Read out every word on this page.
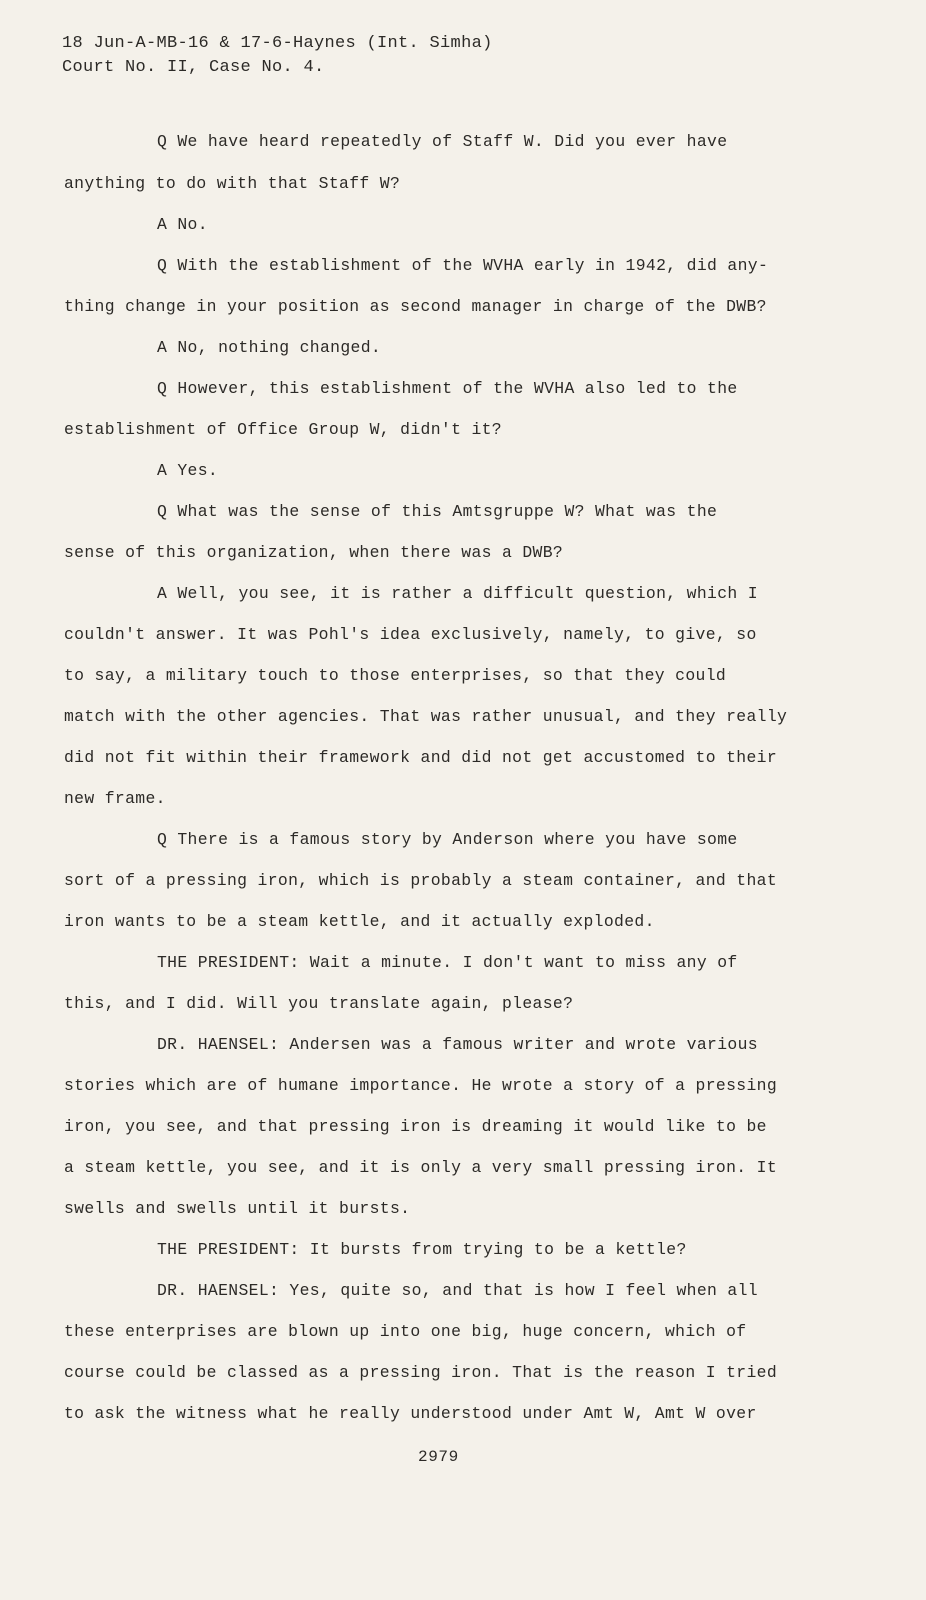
18 Jun-A-MB-16 & 17-6-Haynes (Int. Simha)
Court No. II, Case No. 4.
Q We have heard repeatedly of Staff W. Did you ever have
anything to do with that Staff W?
A No.
Q With the establishment of the WVHA early in 1942, did any-
thing change in your position as second manager in charge of the DWB?
A No, nothing changed.
Q However, this establishment of the WVHA also led to the
establishment of Office Group W, didn't it?
A Yes.
Q What was the sense of this Amtsgruppe W? What was the
sense of this organization, when there was a DWB?
A Well, you see, it is rather a difficult question, which I
couldn't answer. It was Pohl's idea exclusively, namely, to give, so
to say, a military touch to those enterprises, so that they could
match with the other agencies. That was rather unusual, and they really
did not fit within their framework and did not get accustomed to their
new frame.
Q There is a famous story by Anderson where you have some
sort of a pressing iron, which is probably a steam container, and that
iron wants to be a steam kettle, and it actually exploded.
THE PRESIDENT: Wait a minute. I don't want to miss any of
this, and I did. Will you translate again, please?
DR. HAENSEL: Andersen was a famous writer and wrote various
stories which are of humane importance. He wrote a story of a pressing
iron, you see, and that pressing iron is dreaming it would like to be
a steam kettle, you see, and it is only a very small pressing iron. It
swells and swells until it bursts.
THE PRESIDENT: It bursts from trying to be a kettle?
DR. HAENSEL: Yes, quite so, and that is how I feel when all
these enterprises are blown up into one big, huge concern, which of
course could be classed as a pressing iron. That is the reason I tried
to ask the witness what he really understood under Amt W, Amt W over
2979
